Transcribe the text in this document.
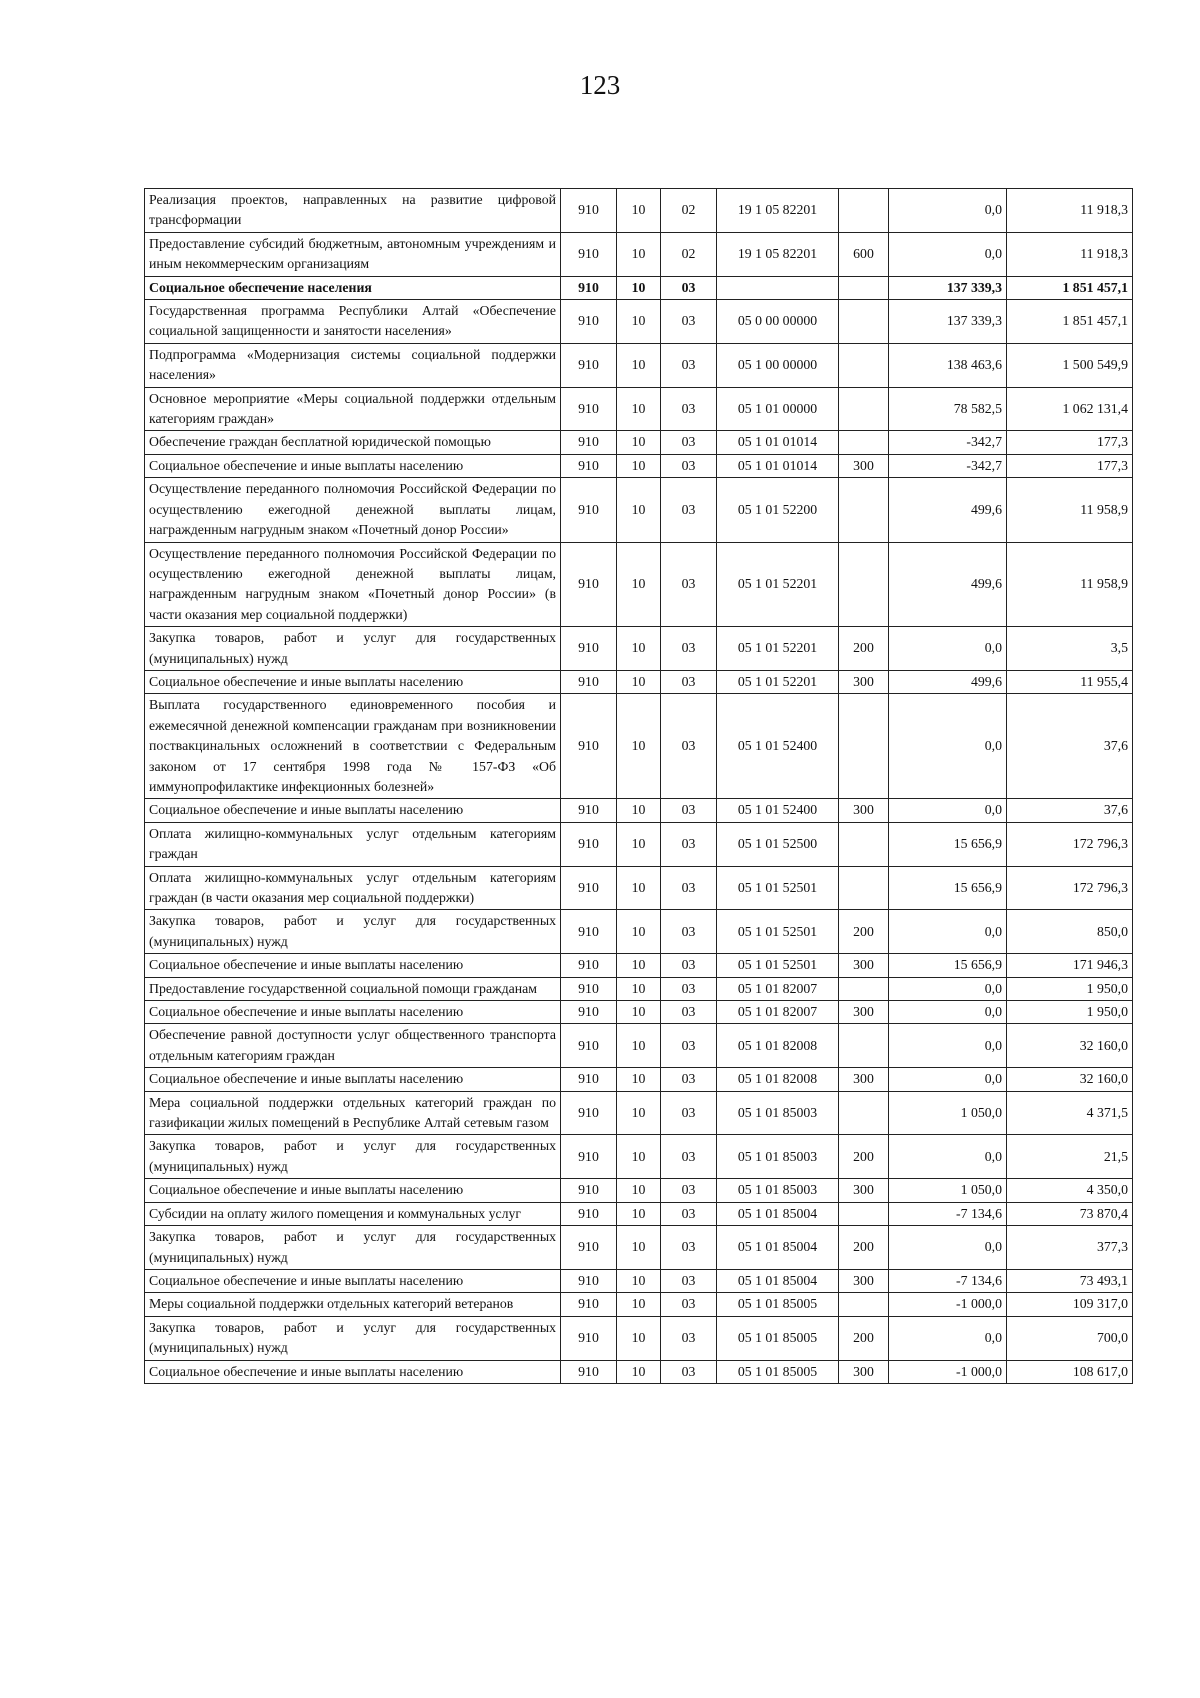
123
Реализация проектов, направленных на развитие цифровой трансформации	910	10	02	19 1 05 82201		0,0	11 918,3
Предоставление субсидий бюджетным, автономным учреждениям и иным некоммерческим организациям	910	10	02	19 1 05 82201	600	0,0	11 918,3
Социальное обеспечение населения	910	10	03			137 339,3	1 851 457,1
Государственная программа Республики Алтай «Обеспечение социальной защищенности и занятости населения»	910	10	03	05 0 00 00000		137 339,3	1 851 457,1
Подпрограмма «Модернизация системы социальной поддержки населения»	910	10	03	05 1 00 00000		138 463,6	1 500 549,9
Основное мероприятие «Меры социальной поддержки отдельным категориям граждан»	910	10	03	05 1 01 00000		78 582,5	1 062 131,4
Обеспечение граждан бесплатной юридической помощью	910	10	03	05 1 01 01014		-342,7	177,3
Социальное обеспечение и иные выплаты населению	910	10	03	05 1 01 01014	300	-342,7	177,3
Осуществление переданного полномочия Российской Федерации по осуществлению ежегодной денежной выплаты лицам, награжденным нагрудным знаком «Почетный донор России»	910	10	03	05 1 01 52200		499,6	11 958,9
Осуществление переданного полномочия Российской Федерации по осуществлению ежегодной денежной выплаты лицам, награжденным нагрудным знаком «Почетный донор России» (в части оказания мер социальной поддержки)	910	10	03	05 1 01 52201		499,6	11 958,9
Закупка товаров, работ и услуг для государственных (муниципальных) нужд	910	10	03	05 1 01 52201	200	0,0	3,5
Социальное обеспечение и иные выплаты населению	910	10	03	05 1 01 52201	300	499,6	11 955,4
Выплата государственного единовременного пособия и ежемесячной денежной компенсации гражданам при возникновении поствакцинальных осложнений в соответствии с Федеральным законом от 17 сентября 1998 года № 157-ФЗ «Об иммунопрофилактике инфекционных болезней»	910	10	03	05 1 01 52400		0,0	37,6
Социальное обеспечение и иные выплаты населению	910	10	03	05 1 01 52400	300	0,0	37,6
Оплата жилищно-коммунальных услуг отдельным категориям граждан	910	10	03	05 1 01 52500		15 656,9	172 796,3
Оплата жилищно-коммунальных услуг отдельным категориям граждан (в части оказания мер социальной поддержки)	910	10	03	05 1 01 52501		15 656,9	172 796,3
Закупка товаров, работ и услуг для государственных (муниципальных) нужд	910	10	03	05 1 01 52501	200	0,0	850,0
Социальное обеспечение и иные выплаты населению	910	10	03	05 1 01 52501	300	15 656,9	171 946,3
Предоставление государственной социальной помощи гражданам	910	10	03	05 1 01 82007		0,0	1 950,0
Социальное обеспечение и иные выплаты населению	910	10	03	05 1 01 82007	300	0,0	1 950,0
Обеспечение равной доступности услуг общественного транспорта отдельным категориям граждан	910	10	03	05 1 01 82008		0,0	32 160,0
Социальное обеспечение и иные выплаты населению	910	10	03	05 1 01 82008	300	0,0	32 160,0
Мера социальной поддержки отдельных категорий граждан по газификации жилых помещений в Республике Алтай сетевым газом	910	10	03	05 1 01 85003		1 050,0	4 371,5
Закупка товаров, работ и услуг для государственных (муниципальных) нужд	910	10	03	05 1 01 85003	200	0,0	21,5
Социальное обеспечение и иные выплаты населению	910	10	03	05 1 01 85003	300	1 050,0	4 350,0
Субсидии на оплату жилого помещения и коммунальных услуг	910	10	03	05 1 01 85004		-7 134,6	73 870,4
Закупка товаров, работ и услуг для государственных (муниципальных) нужд	910	10	03	05 1 01 85004	200	0,0	377,3
Социальное обеспечение и иные выплаты населению	910	10	03	05 1 01 85004	300	-7 134,6	73 493,1
Меры социальной поддержки отдельных категорий ветеранов	910	10	03	05 1 01 85005		-1 000,0	109 317,0
Закупка товаров, работ и услуг для государственных (муниципальных) нужд	910	10	03	05 1 01 85005	200	0,0	700,0
Социальное обеспечение и иные выплаты населению	910	10	03	05 1 01 85005	300	-1 000,0	108 617,0
